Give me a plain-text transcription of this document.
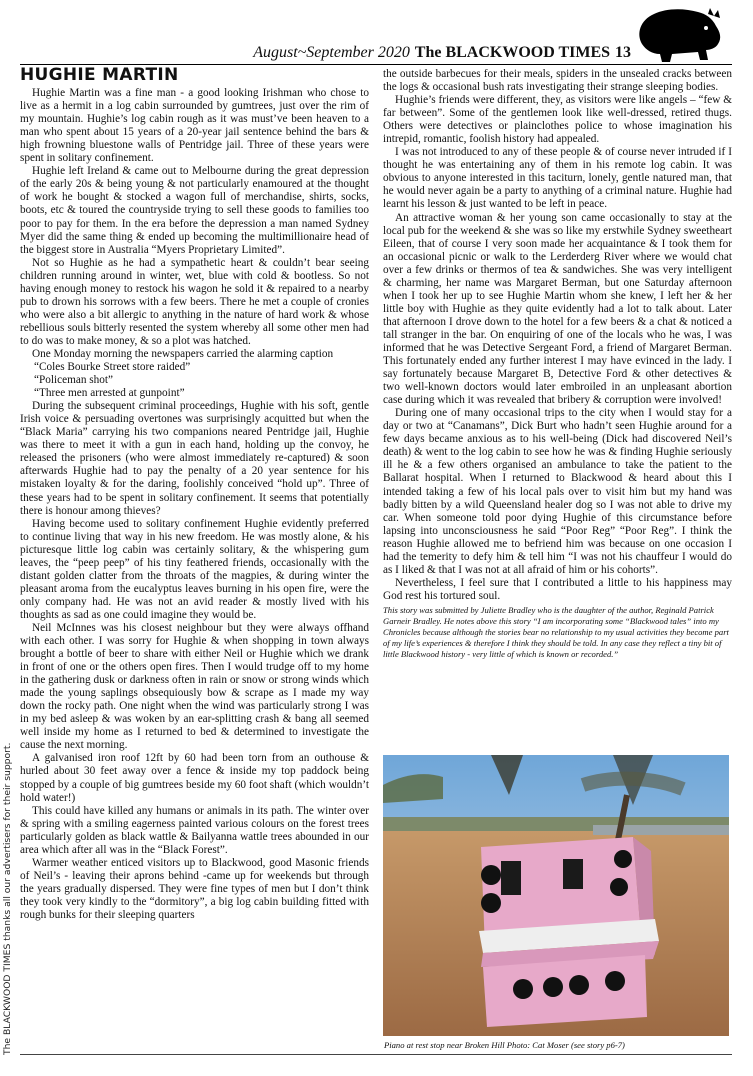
August~September 2020 The BLACKWOOD TIMES 13
The BLACKWOOD TIMES thanks all our advertisers for their support.
HUGHIE MARTIN

Hughie Martin was a fine man - a good looking Irishman who chose to live as a hermit in a log cabin surrounded by gumtrees, just over the rim of my mountain. Hughie’s log cabin rough as it was must’ve been heaven to a man who spent about 15 years of a 20-year jail sentence behind the bars & high frowning bluestone walls of Pentridge jail. Three of these years were spent in solitary confinement.

Hughie left Ireland & came out to Melbourne during the great depression of the early 20s & being young & not particularly enamoured at the thought of work he bought & stocked a wagon full of merchandise, shirts, socks, boots, etc & toured the countryside trying to sell these goods to families too poor to pay for them. In the era before the depression a man named Sydney Myer did the same thing & ended up becoming the multimillionaire head of the biggest store in Australia “Myers Proprietary Limited”.

Not so Hughie as he had a sympathetic heart & couldn’t bear seeing children running around in winter, wet, blue with cold & bootless. So not having enough money to restock his wagon he sold it & repaired to a nearby pub to drown his sorrows with a few beers. There he met a couple of cronies who were also a bit allergic to anything in the nature of hard work & whose rebellious souls bitterly resented the system whereby all some other men had to do was to make money, & so a plot was hatched.

One Monday morning the newspapers carried the alarming caption

“Coles Bourke Street store raided”

“Policeman shot”

“Three men arrested at gunpoint”

During the subsequent criminal proceedings, Hughie with his soft, gentle Irish voice & persuading overtones was surprisingly acquitted but when the “Black Maria” carrying his two companions neared Pentridge jail, Hughie was there to meet it with a gun in each hand, holding up the convoy, he released the prisoners (who were almost immediately re-captured) & soon afterwards Hughie had to pay the penalty of a 20 year sentence for his mistaken loyalty & for the daring, foolishly conceived “hold up”. Three of these years had to be spent in solitary confinement. It seems that potentially there is honour among thieves?

Having become used to solitary confinement Hughie evidently preferred to continue living that way in his new freedom. He was mostly alone, & his picturesque little log cabin was certainly solitary, & the whispering gum leaves, the “peep peep” of his tiny feathered friends, occasionally with the distant golden clatter from the throats of the magpies, & during winter the pleasant aroma from the eucalyptus leaves burning in his open fire, were the only company had. He was not an avid reader & mostly lived with his thoughts as sad as one could imagine they would be.

Neil McInnes was his closest neighbour but they were always offhand with each other. I was sorry for Hughie & when shopping in town always brought a bottle of beer to share with either Neil or Hughie which we drank in front of one or the others open fires. Then I would trudge off to my home in the gathering dusk or darkness often in rain or snow or strong winds which made the young saplings obsequiously bow & scrape as I made my way down the rocky path. One night when the wind was particularly strong I was in my bed asleep & was woken by an ear-splitting crash & bang all seemed well inside my home as I returned to bed & determined to investigate the cause the next morning.

A galvanised iron roof 12ft by 60 had been torn from an outhouse & hurled about 30 feet away over a fence & inside my top paddock being stopped by a couple of big gumtrees beside my 60 foot shaft (which wouldn’t hold water!)

This could have killed any humans or animals in its path. The winter over & spring with a smiling eagerness painted various colours on the forest trees particularly golden as black wattle & Bailyanna wattle trees abounded in our area which after all was in the “Black Forest”.

Warmer weather enticed visitors up to Blackwood, good Masonic friends of Neil’s - leaving their aprons behind -came up for weekends but through the years gradually dispersed. They were fine types of men but I don’t think they took very kindly to the “dormitory”, a big log cabin building fitted with rough bunks for their sleeping quarters

the outside barbecues for their meals, spiders in the unsealed cracks between the logs & occasional bush rats investigating their strange sleeping bodies.

Hughie’s friends were different, they, as visitors were like angels – “few & far between”. Some of the gentlemen look like well-dressed, retired thugs. Others were detectives or plainclothes police to whose imagination his intrepid, romantic, foolish history had appealed.

I was not introduced to any of these people & of course never intruded if I thought he was entertaining any of them in his remote log cabin. It was obvious to anyone interested in this taciturn, lonely, gentle natured man, that he would never again be a party to anything of a criminal nature. Hughie had learnt his lesson & just wanted to be left in peace.

An attractive woman & her young son came occasionally to stay at the local pub for the weekend & she was so like my erstwhile Sydney sweetheart Eileen, that of course I very soon made her acquaintance & I took them for an occasional picnic or walk to the Lerderderg River where we would chat over a few drinks or thermos of tea & sandwiches. She was very intelligent & charming, her name was Margaret Berman, but one Saturday afternoon when I took her up to see Hughie Martin whom she knew, I left her & her little boy with Hughie as they quite evidently had a lot to talk about. Later that afternoon I drove down to the hotel for a few beers & a chat & noticed a tall stranger in the bar. On enquiring of one of the locals who he was, I was informed that he was Detective Sergeant Ford, a friend of Margaret Berman. This fortunately ended any further interest I may have evinced in the lady. I say fortunately because Margaret B, Detective Ford & other detectives & two well-known doctors would later embroiled in an unpleasant abortion case during which it was revealed that bribery & corruption were involved!

During one of many occasional trips to the city when I would stay for a day or two at “Canamans”, Dick Burt who hadn’t seen Hughie around for a few days became anxious as to his well-being (Dick had discovered Neil’s death) & went to the log cabin to see how he was & finding Hughie seriously ill he & a few others organised an ambulance to take the patient to the Ballarat hospital. When I returned to Blackwood & heard about this I intended taking a few of his local pals over to visit him but my hand was badly bitten by a wild Queensland healer dog so I was not able to drive my car. When someone told poor dying Hughie of this circumstance before lapsing into unconsciousness he said “Poor Reg” “Poor Reg”. I think the reason Hughie allowed me to befriend him was because on one occasion I had the temerity to defy him & tell him “I was not his chauffeur I would do as I liked & that I was not at all afraid of him or his cohorts”.

Nevertheless, I feel sure that I contributed a little to his happiness may God rest his tortured soul.

This story was submitted by Juliette Bradley who is the daughter of the author, Reginald Patrick Garneir Bradley. He notes above this story “I am incorporating some “Blackwood tales” into my Chronicles because although the stories bear no relationship to my usual activities they become part of my life’s experiences & therefore I think they should be told. In any case they reflect a tiny bit of little Blackwood history - very little of which is known or recorded.”
Piano at rest stop near Broken Hill Photo: Cat Moser (see story p6-7)
